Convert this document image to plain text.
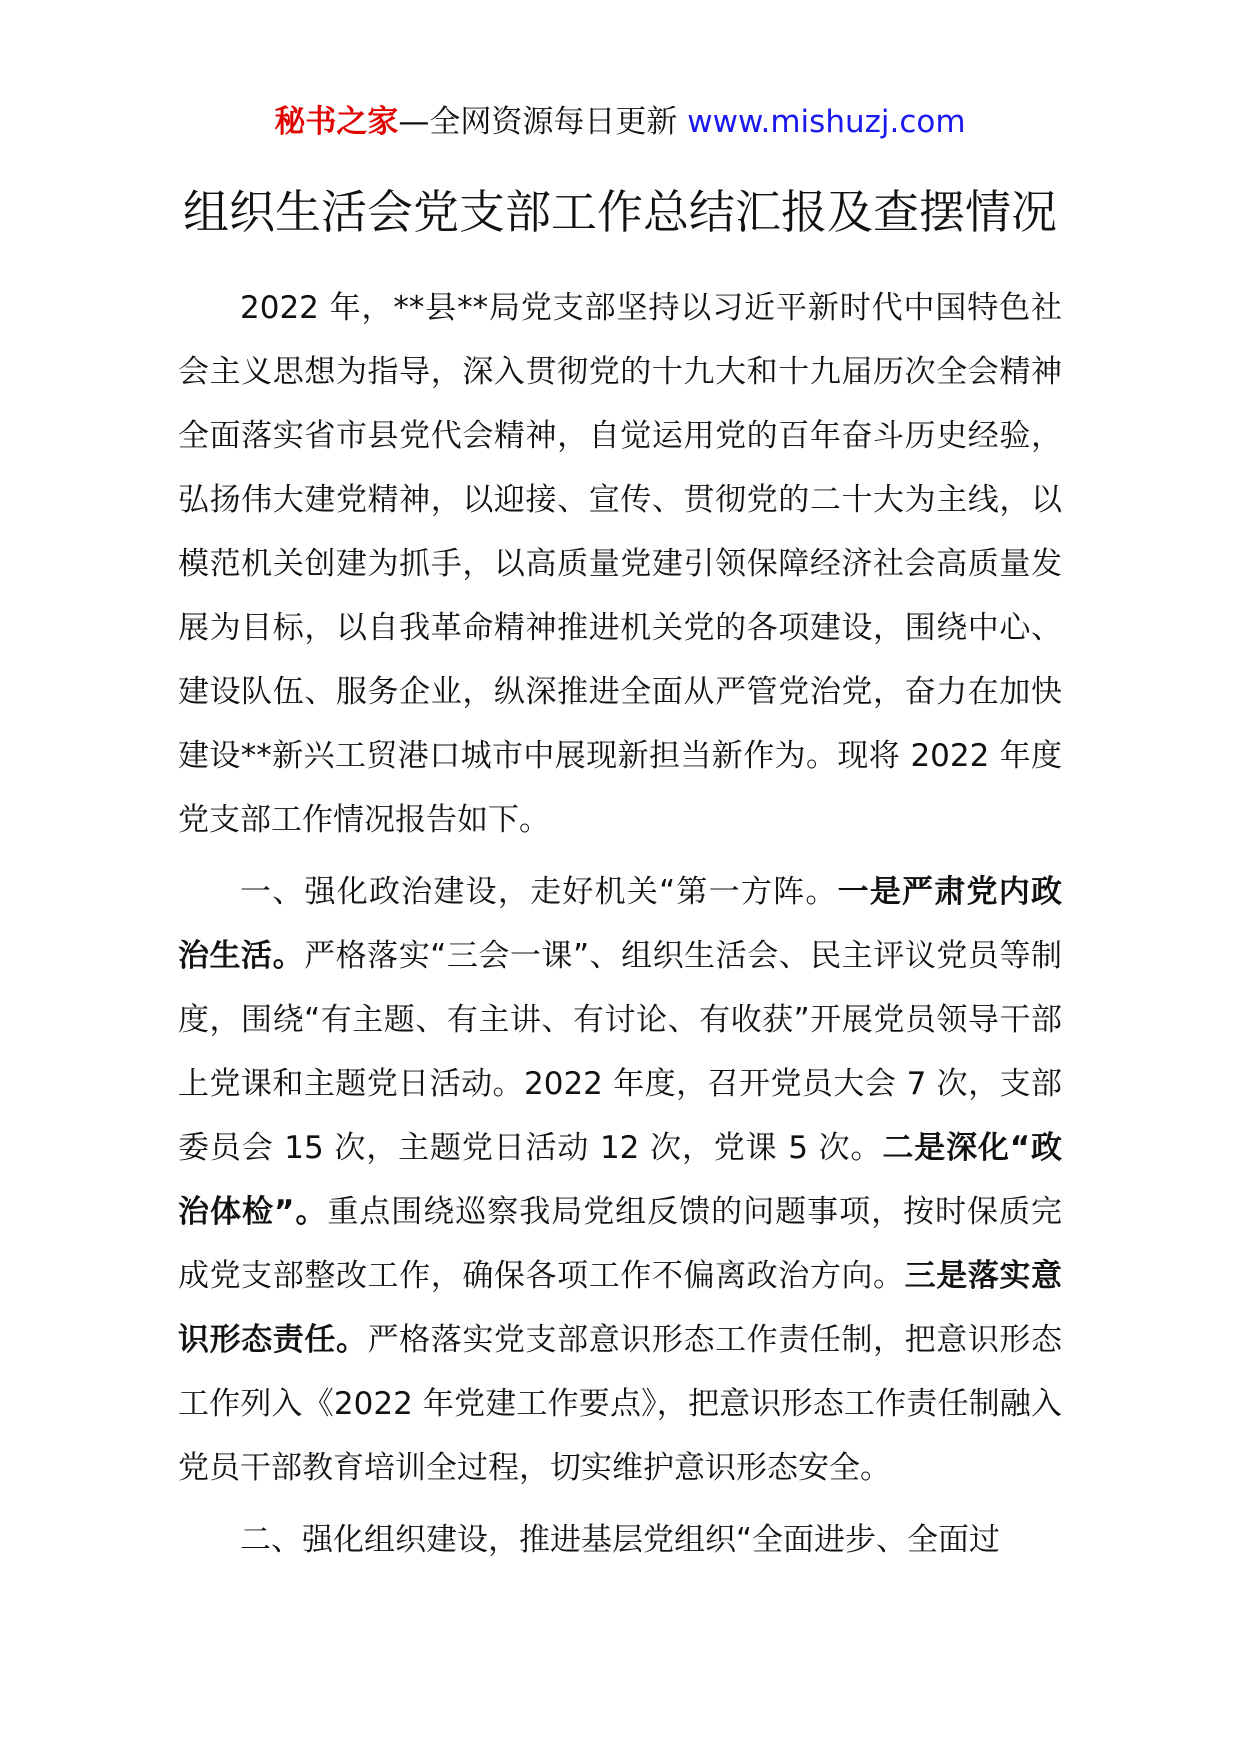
秘书之家—全网资源每日更新 www.mishuzj.com
组织生活会党支部工作总结汇报及查摆情况

2022 年，**县**局党支部坚持以习近平新时代中国特色社会主义思想为指导，深入贯彻党的十九大和十九届历次全会精神全面落实省市县党代会精神，自觉运用党的百年奋斗历史经验，弘扬伟大建党精神，以迎接、宣传、贯彻党的二十大为主线，以模范机关创建为抓手，以高质量党建引领保障经济社会高质量发展为目标，以自我革命精神推进机关党的各项建设，围绕中心、建设队伍、服务企业，纵深推进全面从严管党治党，奋力在加快建设**新兴工贸港口城市中展现新担当新作为。现将 2022 年度党支部工作情况报告如下。

一、强化政治建设，走好机关“第一方阵。一是严肃党内政治生活。严格落实“三会一课”、组织生活会、民主评议党员等制度，围绕“有主题、有主讲、有讨论、有收获”开展党员领导干部上党课和主题党日活动。2022 年度，召开党员大会 7 次，支部委员会 15 次，主题党日活动 12 次，党课 5 次。二是深化“政治体检”。重点围绕巡察我局党组反馈的问题事项，按时保质完成党支部整改工作，确保各项工作不偏离政治方向。三是落实意识形态责任。严格落实党支部意识形态工作责任制，把意识形态工作列入《2022 年党建工作要点》，把意识形态工作责任制融入党员干部教育培训全过程，切实维护意识形态安全。

二、强化组织建设，推进基层党组织“全面进步、全面过
